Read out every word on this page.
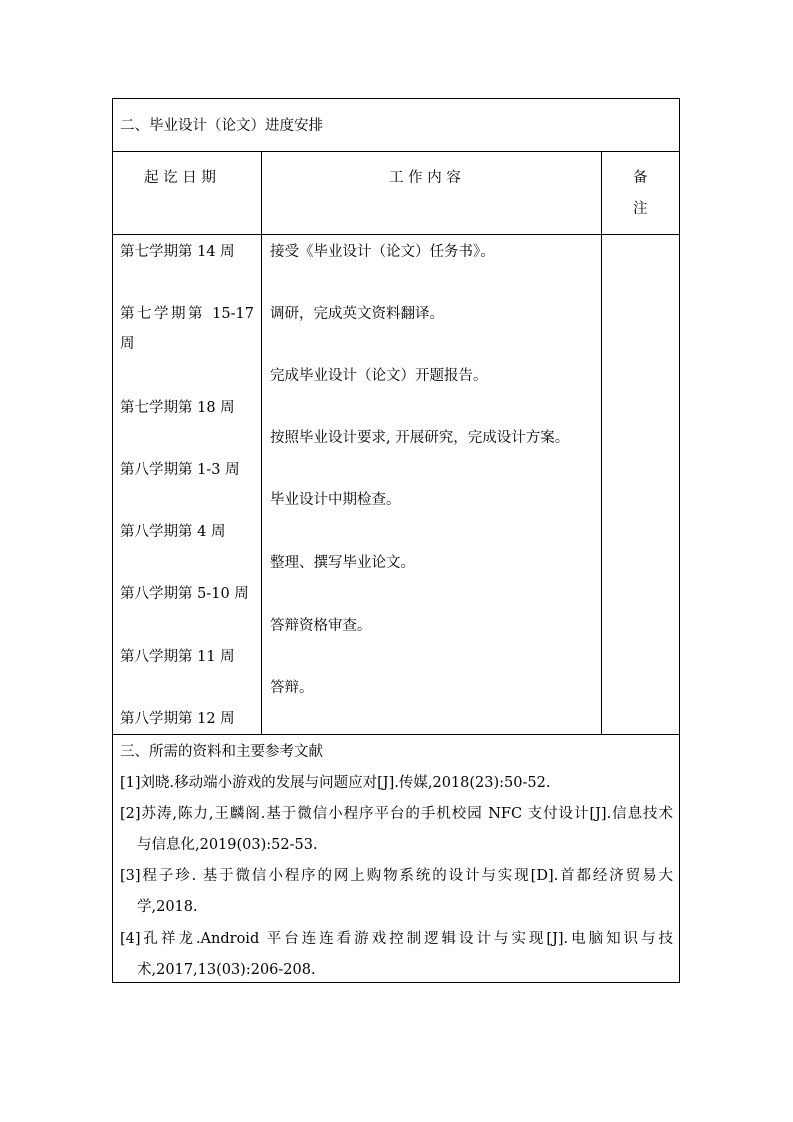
二、毕业设计（论文）进度安排
起 讫 日 期	工 作 内 容	备
注
第七学期第 14 周
第七学期第 15-17
周
第七学期第 18 周
第八学期第 1-3 周
第八学期第 4 周
第八学期第 5-10 周
第八学期第 11 周
第八学期第 12 周
接受《毕业设计（论文）任务书》。
调研，完成英文资料翻译。
完成毕业设计（论文）开题报告。
按照毕业设计要求, 开展研究，完成设计方案。
毕业设计中期检查。
整理、撰写毕业论文。
答辩资格审查。
答辩。
三、所需的资料和主要参考文献
[1]刘晓.移动端小游戏的发展与问题应对[J].传媒,2018(23):50-52.
[2]苏涛,陈力,王麟阁.基于微信小程序平台的手机校园 NFC 支付设计[J].信息技术
与信息化,2019(03):52-53.
[3]程子珍. 基于微信小程序的网上购物系统的设计与实现[D].首都经济贸易大
学,2018.
[4]孔祥龙.Android 平台连连看游戏控制逻辑设计与实现[J].电脑知识与技
术,2017,13(03):206-208.
